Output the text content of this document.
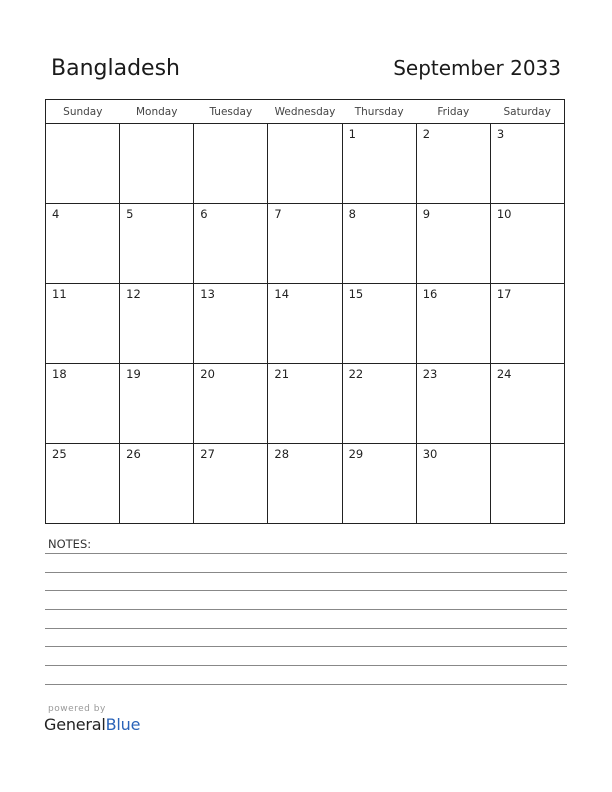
Bangladesh	September 2033
Sunday	Monday	Tuesday	Wednesday	Thursday	Friday	Saturday
				1	2	3
4	5	6	7	8	9	10
11	12	13	14	15	16	17
18	19	20	21	22	23	24
25	26	27	28	29	30	
NOTES:
powered by
GeneralBlue
